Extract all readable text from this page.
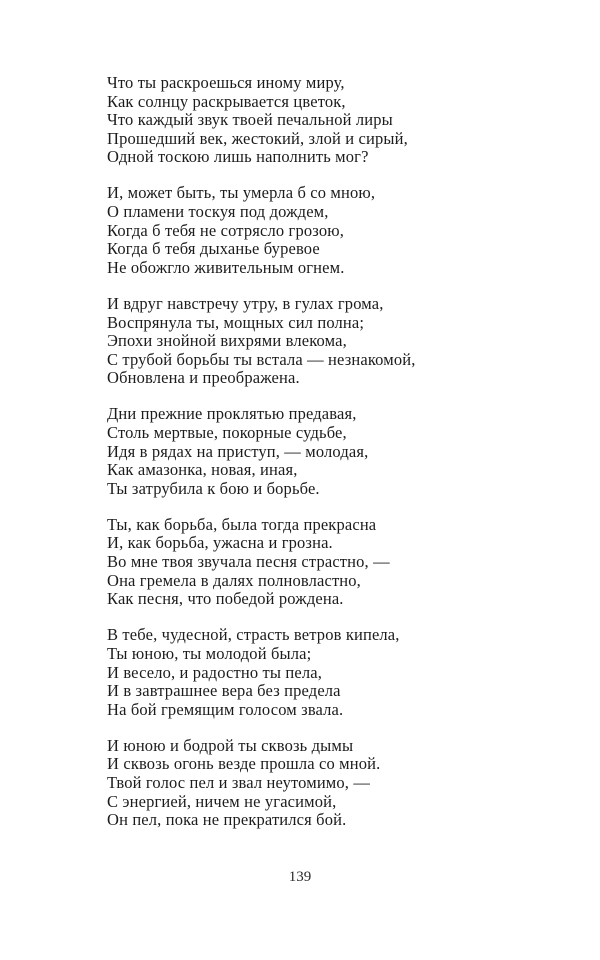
Что ты раскроешься иному миру,
Как солнцу раскрывается цветок,
Что каждый звук твоей печальной лиры
Прошедший век, жестокий, злой и сирый,
Одной тоскою лишь наполнить мог?
И, может быть, ты умерла б со мною,
О пламени тоскуя под дождем,
Когда б тебя не сотрясло грозою,
Когда б тебя дыханье буревое
Не обожгло живительным огнем.
И вдруг навстречу утру, в гулах грома,
Воспрянула ты, мощных сил полна;
Эпохи знойной вихрями влекома,
С трубой борьбы ты встала — незнакомой,
Обновлена и преображена.
Дни прежние проклятью предавая,
Столь мертвые, покорные судьбе,
Идя в рядах на приступ, — молодая,
Как амазонка, новая, иная,
Ты затрубила к бою и борьбе.
Ты, как борьба, была тогда прекрасна
И, как борьба, ужасна и грозна.
Во мне твоя звучала песня страстно, —
Она гремела в далях полновластно,
Как песня, что победой рождена.
В тебе, чудесной, страсть ветров кипела,
Ты юною, ты молодой была;
И весело, и радостно ты пела,
И в завтрашнее вера без предела
На бой гремящим голосом звала.
И юною и бодрой ты сквозь дымы
И сквозь огонь везде прошла со мной.
Твой голос пел и звал неутомимо, —
С энергией, ничем не угасимой,
Он пел, пока не прекратился бой.
139
